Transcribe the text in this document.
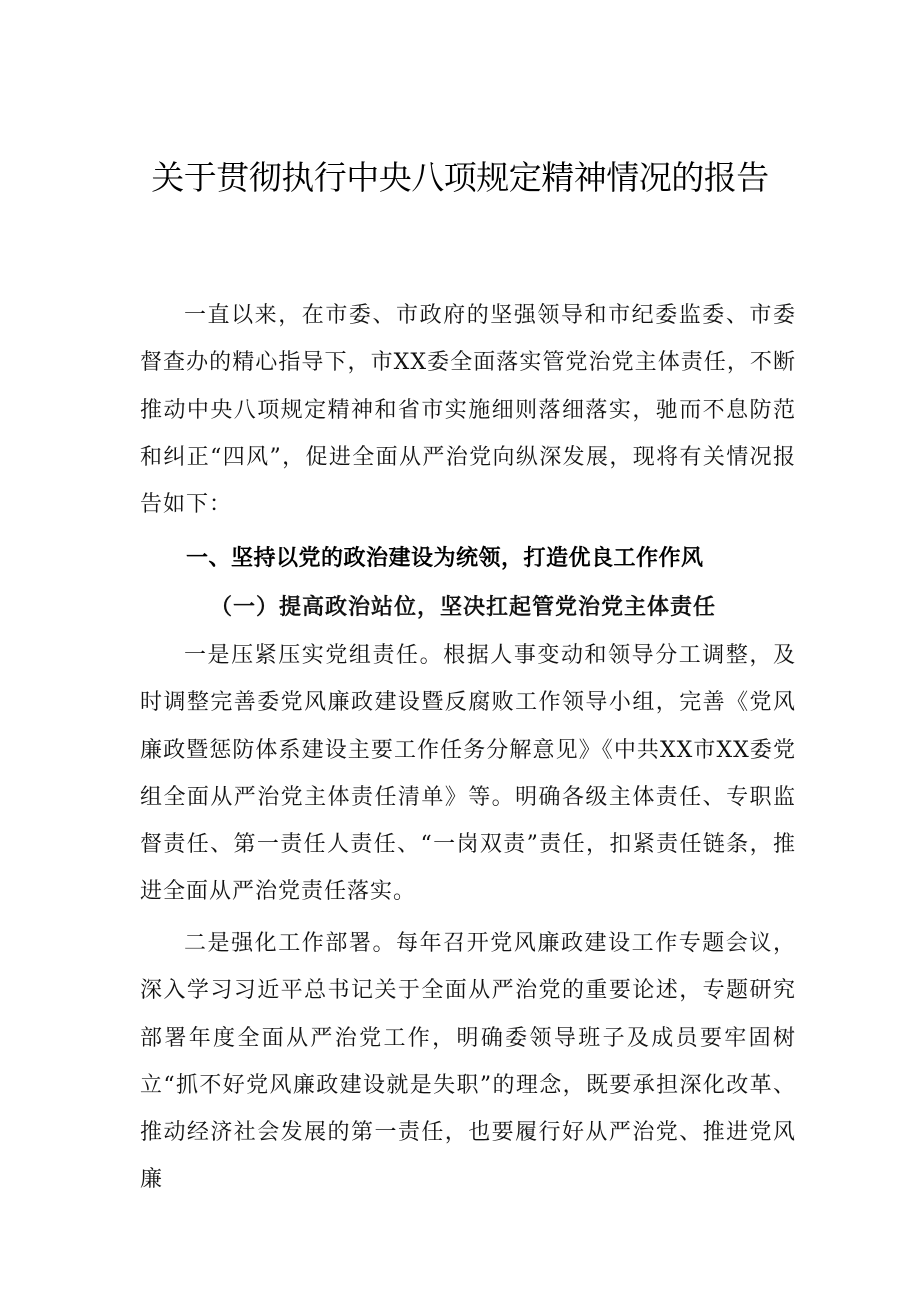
关于贯彻执行中央八项规定精神情况的报告

一直以来，在市委、市政府的坚强领导和市纪委监委、市委督查办的精心指导下，市XX委全面落实管党治党主体责任，不断推动中央八项规定精神和省市实施细则落细落实，驰而不息防范和纠正“四风”，促进全面从严治党向纵深发展，现将有关情况报告如下：

一、坚持以党的政治建设为统领，打造优良工作作风
（一）提高政治站位，坚决扛起管党治党主体责任

一是压紧压实党组责任。根据人事变动和领导分工调整，及时调整完善委党风廉政建设暨反腐败工作领导小组，完善《党风廉政暨惩防体系建设主要工作任务分解意见》《中共XX市XX委党组全面从严治党主体责任清单》等。明确各级主体责任、专职监督责任、第一责任人责任、“一岗双责”责任，扣紧责任链条，推进全面从严治党责任落实。

二是强化工作部署。每年召开党风廉政建设工作专题会议，深入学习习近平总书记关于全面从严治党的重要论述，专题研究部署年度全面从严治党工作，明确委领导班子及成员要牢固树立“抓不好党风廉政建设就是失职”的理念，既要承担深化改革、推动经济社会发展的第一责任，也要履行好从严治党、推进党风廉
